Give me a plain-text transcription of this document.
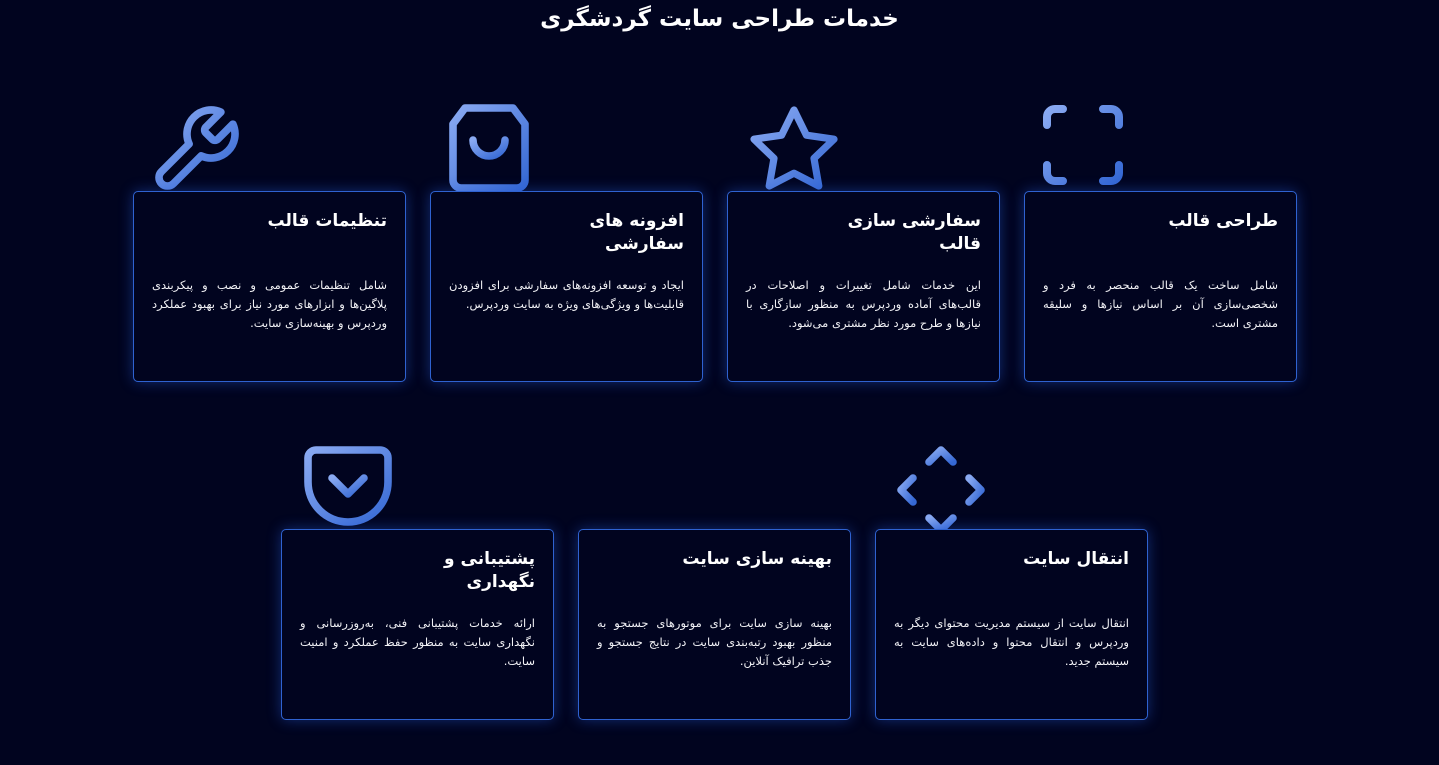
خدمات طراحی سایت گردشگری
طراحی قالب

شامل ساخت یک قالب منحصر به فرد و شخصی‌سازی آن بر اساس نیازها و سلیقه مشتری است.

سفارشی سازی قالب

این خدمات شامل تغییرات و اصلاحات در قالب‌های آماده وردپرس به منظور سازگاری با نیازها و طرح مورد نظر مشتری می‌شود.

افزونه های سفارشی

ایجاد و توسعه افزونه‌های سفارشی برای افزودن قابلیت‌ها و ویژگی‌های ویژه به سایت وردپرس.

تنظیمات قالب

شامل تنظیمات عمومی و نصب و پیکربندی پلاگین‌ها و ابزارهای مورد نیاز برای بهبود عملکرد وردپرس و بهینه‌سازی سایت.

انتقال سایت

انتقال سایت از سیستم مدیریت محتوای دیگر به وردپرس و انتقال محتوا و داده‌های سایت به سیستم جدید.

بهینه سازی سایت

بهینه سازی سایت برای موتورهای جستجو به منظور بهبود رتبه‌بندی سایت در نتایج جستجو و جذب ترافیک آنلاین.

پشتیبانی و نگهداری

ارائه خدمات پشتیبانی فنی، به‌روزرسانی و نگهداری سایت به منظور حفظ عملکرد و امنیت سایت.
